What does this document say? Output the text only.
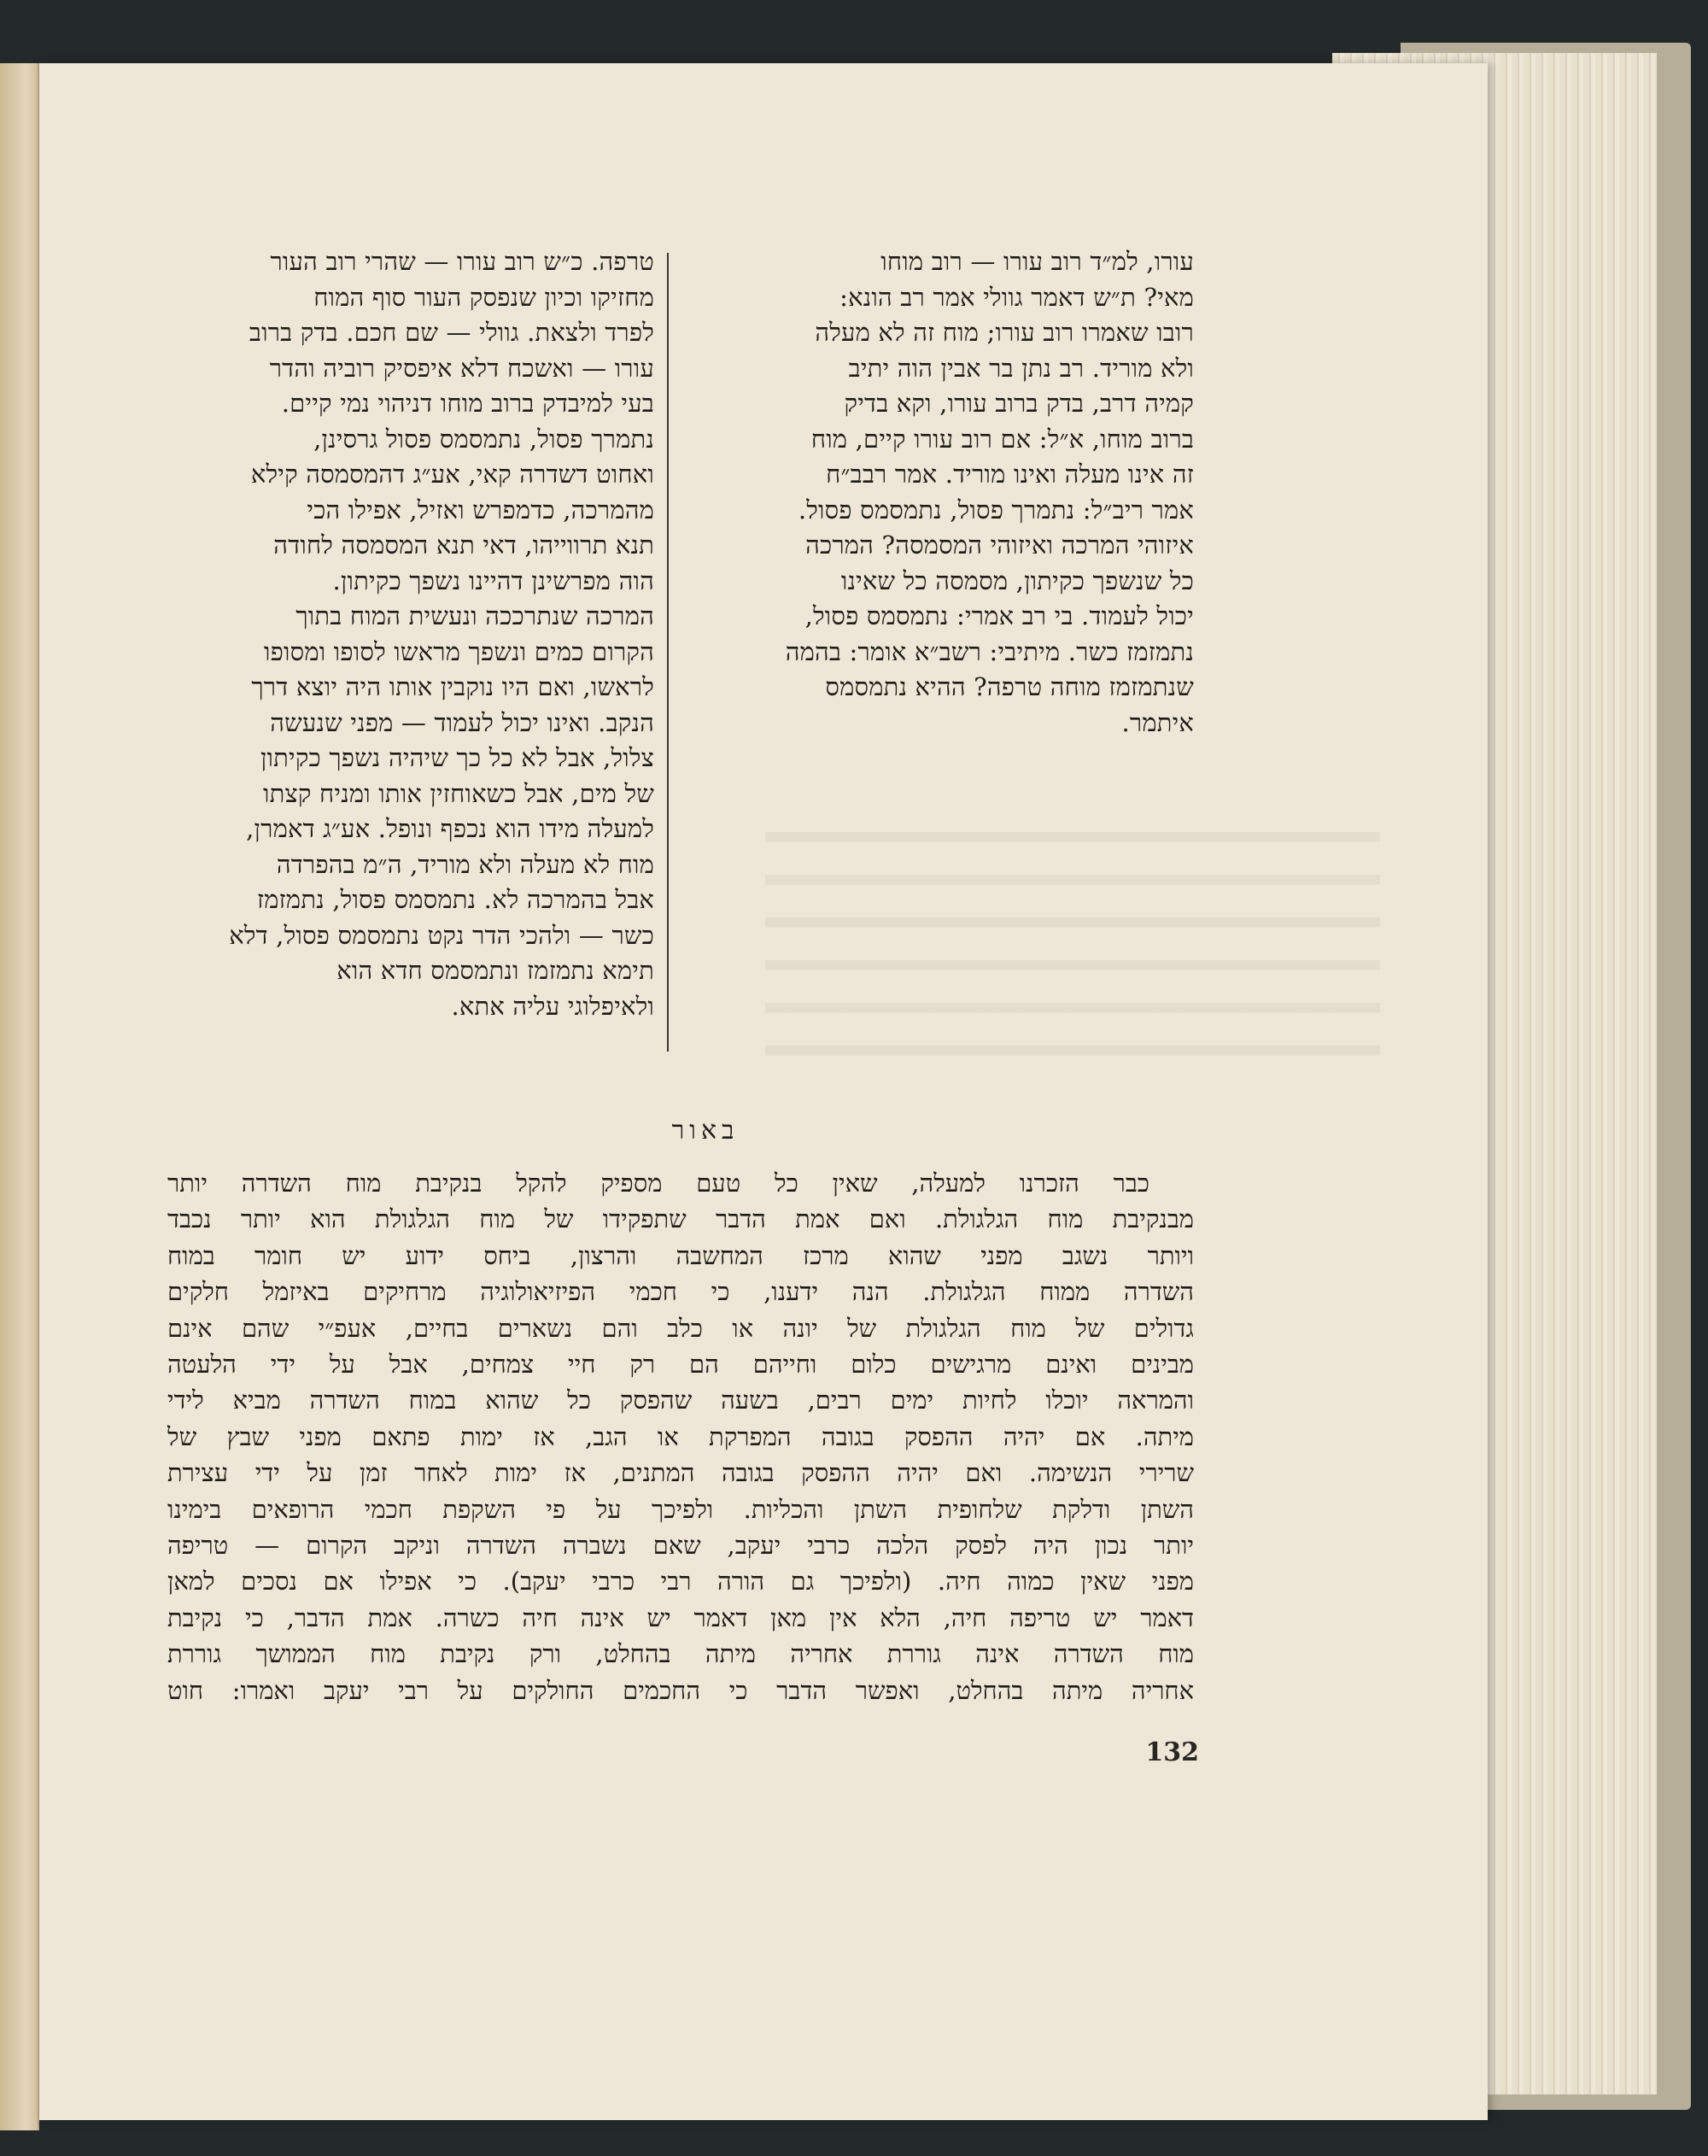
עורו, למ״ד רוב עורו — רוב מוחו
מאי? ת״ש דאמר גוולי אמר רב הונא:
רובו שאמרו רוב עורו; מוח זה לא מעלה
ולא מוריד. רב נתן בר אבין הוה יתיב
קמיה דרב, בדק ברוב עורו, וקא בדיק
ברוב מוחו, א״ל: אם רוב עורו קיים, מוח
זה אינו מעלה ואינו מוריד. אמר רבב״ח
אמר ריב״ל: נתמרך פסול, נתמסמס פסול.
איזוהי המרכה ואיזוהי המסמסה? המרכה
כל שנשפך כקיתון, מסמסה כל שאינו
יכול לעמוד. בי רב אמרי: נתמסמס פסול,
נתמזמז כשר. מיתיבי: רשב״א אומר: בהמה
שנתמזמז מוחה טרפה? ההיא נתמסמס
איתמר.
טרפה. כ״ש רוב עורו — שהרי רוב העור
מחזיקו וכיון שנפסק העור סוף המוח
לפרד ולצאת. גוולי — שם חכם. בדק ברוב
עורו — ואשכח דלא איפסיק רוביה והדר
בעי למיבדק ברוב מוחו דניהוי נמי קיים.
נתמרך פסול, נתמסמס פסול גרסינן,
ואחוט דשדרה קאי, אע״ג דהמסמסה קילא
מהמרכה, כדמפרש ואזיל, אפילו הכי
תנא תרווייהו, דאי תנא המסמסה לחודה
הוה מפרשינן דהיינו נשפך כקיתון.
המרכה שנתרככה ונעשית המוח בתוך
הקרום כמים ונשפך מראשו לסופו ומסופו
לראשו, ואם היו נוקבין אותו היה יוצא דרך
הנקב. ואינו יכול לעמוד — מפני שנעשה
צלול, אבל לא כל כך שיהיה נשפך כקיתון
של מים, אבל כשאוחזין אותו ומניח קצתו
למעלה מידו הוא נכפף ונופל. אע״ג דאמרן,
מוח לא מעלה ולא מוריד, ה״מ בהפרדה
אבל בהמרכה לא. נתמסמס פסול, נתמזמז
כשר — ולהכי הדר נקט נתמסמס פסול, דלא
תימא נתמזמז ונתמסמס חדא הוא
ולאיפלוגי עליה אתא.
באור
כבר הזכרנו למעלה, שאין כל טעם מספיק להקל בנקיבת מוח השדרה יותר
מבנקיבת מוח הגלגולת. ואם אמת הדבר שתפקידו של מוח הגלגולת הוא יותר נכבד
ויותר נשגב מפני שהוא מרכז המחשבה והרצון, ביחס ידוע יש חומר במוח
השדרה ממוח הגלגולת. הנה ידענו, כי חכמי הפיזיאולוגיה מרחיקים באיזמל חלקים
גדולים של מוח הגלגולת של יונה או כלב והם נשארים בחיים, אעפ״י שהם אינם
מבינים ואינם מרגישים כלום וחייהם הם רק חיי צמחים, אבל על ידי הלעטה
והמראה יוכלו לחיות ימים רבים, בשעה שהפסק כל שהוא במוח השדרה מביא לידי
מיתה. אם יהיה ההפסק בגובה המפרקת או הגב, אז ימות פתאם מפני שבץ של
שרירי הנשימה. ואם יהיה ההפסק בגובה המתנים, אז ימות לאחר זמן על ידי עצירת
השתן ודלקת שלחופית השתן והכליות. ולפיכך על פי השקפת חכמי הרופאים בימינו
יותר נכון היה לפסק הלכה כרבי יעקב, שאם נשברה השדרה וניקב הקרום — טריפה
מפני שאין כמוה חיה. (ולפיכך גם הורה רבי כרבי יעקב). כי אפילו אם נסכים למאן
דאמר יש טריפה חיה, הלא אין מאן דאמר יש אינה חיה כשרה. אמת הדבר, כי נקיבת
מוח השדרה אינה גוררת אחריה מיתה בהחלט, ורק נקיבת מוח הממושך גוררת
אחריה מיתה בהחלט, ואפשר הדבר כי החכמים החולקים על רבי יעקב ואמרו: חוט
132
